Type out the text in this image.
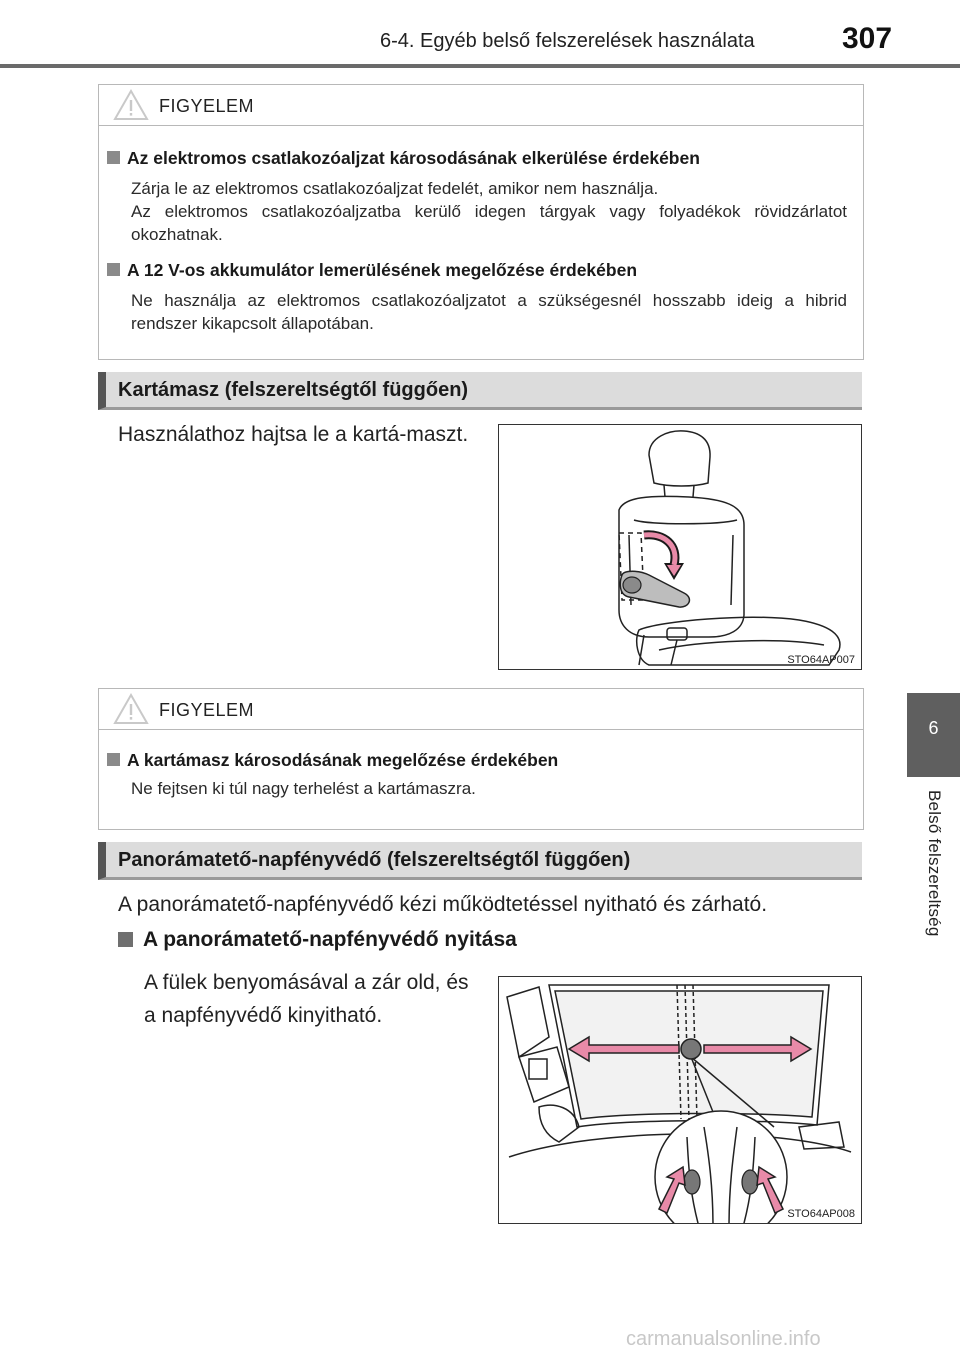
6-4. Egyéb belső felszerelések használata	307
6
Belső felszereltség
FIGYELEM
Az elektromos csatlakozóaljzat károsodásának elkerülése érdekében

Zárja le az elektromos csatlakozóaljzat fedelét, amikor nem használja.

Az elektromos csatlakozóaljzatba kerülő idegen tárgyak vagy folyadékok rövidzárlatot okozhatnak.

A 12 V-os akkumulátor lemerülésének megelőzése érdekében

Ne használja az elektromos csatlakozóaljzatot a szükségesnél hosszabb ideig a hibrid rendszer kikapcsolt állapotában.

Kartámasz (felszereltségtől függően)
Használathoz hajtsa le a kartá-maszt.
STO64AP007
FIGYELEM
A kartámasz károsodásának megelőzése érdekében

Ne fejtsen ki túl nagy terhelést a kartámaszra.

Panorámatető-napfényvédő (felszereltségtől függően)
A panorámatető-napfényvédő kézi működtetéssel nyitható és zárható.
A panorámatető-napfényvédő nyitása
A fülek benyomásával a zár old, és a napfényvédő kinyitható.
STO64AP008
carmanualsonline.info
